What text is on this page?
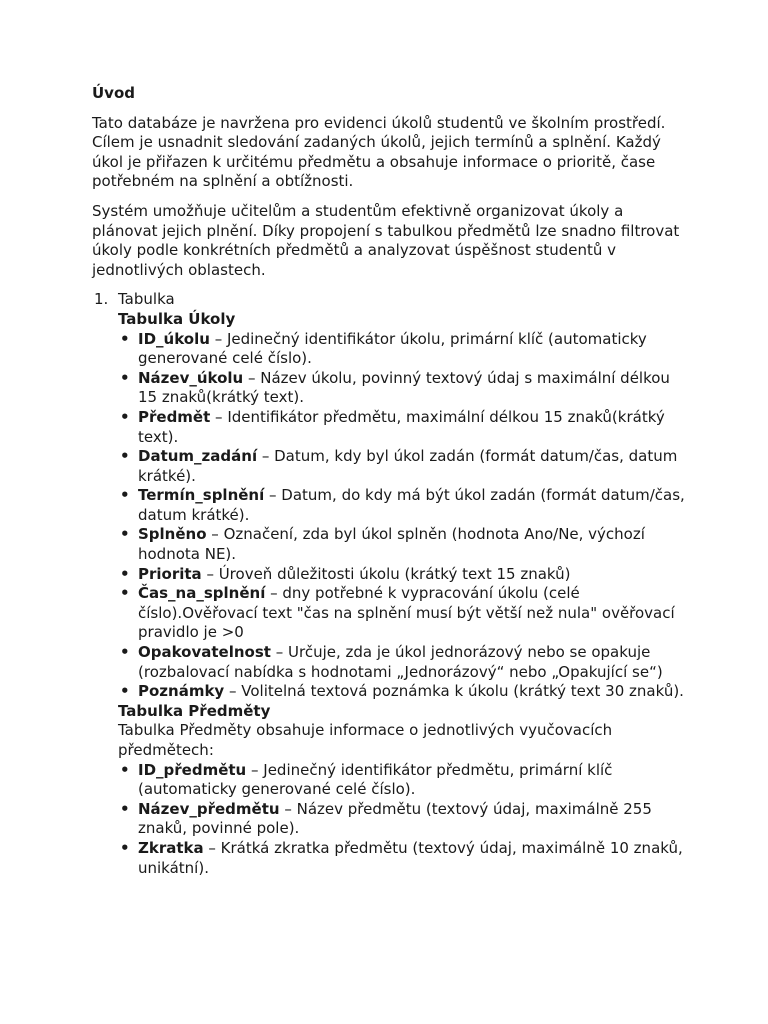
Úvod

Tato databáze je navržena pro evidenci úkolů studentů ve školním prostředí. Cílem je usnadnit sledování zadaných úkolů, jejich termínů a splnění. Každý úkol je přiřazen k určitému předmětu a obsahuje informace o prioritě, čase potřebném na splnění a obtížnosti.

Systém umožňuje učitelům a studentům efektivně organizovat úkoly a plánovat jejich plnění. Díky propojení s tabulkou předmětů lze snadno filtrovat úkoly podle konkrétních předmětů a analyzovat úspěšnost studentů v jednotlivých oblastech.

1. Tabulka
Tabulka Úkoly
• ID_úkolu – Jedinečný identifikátor úkolu, primární klíč (automaticky generované celé číslo).
• Název_úkolu – Název úkolu, povinný textový údaj s maximální délkou 15 znaků(krátký text).
• Předmět – Identifikátor předmětu, maximální délkou 15 znaků(krátký text).
• Datum_zadání – Datum, kdy byl úkol zadán (formát datum/čas, datum krátké).
• Termín_splnění – Datum, do kdy má být úkol zadán (formát datum/čas, datum krátké).
• Splněno – Označení, zda byl úkol splněn (hodnota Ano/Ne, výchozí hodnota NE).
• Priorita – Úroveň důležitosti úkolu (krátký text 15 znaků)
• Čas_na_splnění – dny potřebné k vypracování úkolu (celé číslo).Ověřovací text "čas na splnění musí být větší než nula" ověřovací pravidlo je >0
• Opakovatelnost – Určuje, zda je úkol jednorázový nebo se opakuje (rozbalovací nabídka s hodnotami „Jednorázový“ nebo „Opakující se“)
• Poznámky – Volitelná textová poznámka k úkolu (krátký text 30 znaků).
Tabulka Předměty
Tabulka Předměty obsahuje informace o jednotlivých vyučovacích předmětech:
• ID_předmětu – Jedinečný identifikátor předmětu, primární klíč (automaticky generované celé číslo).
• Název_předmětu – Název předmětu (textový údaj, maximálně 255 znaků, povinné pole).
• Zkratka – Krátká zkratka předmětu (textový údaj, maximálně 10 znaků, unikátní).
